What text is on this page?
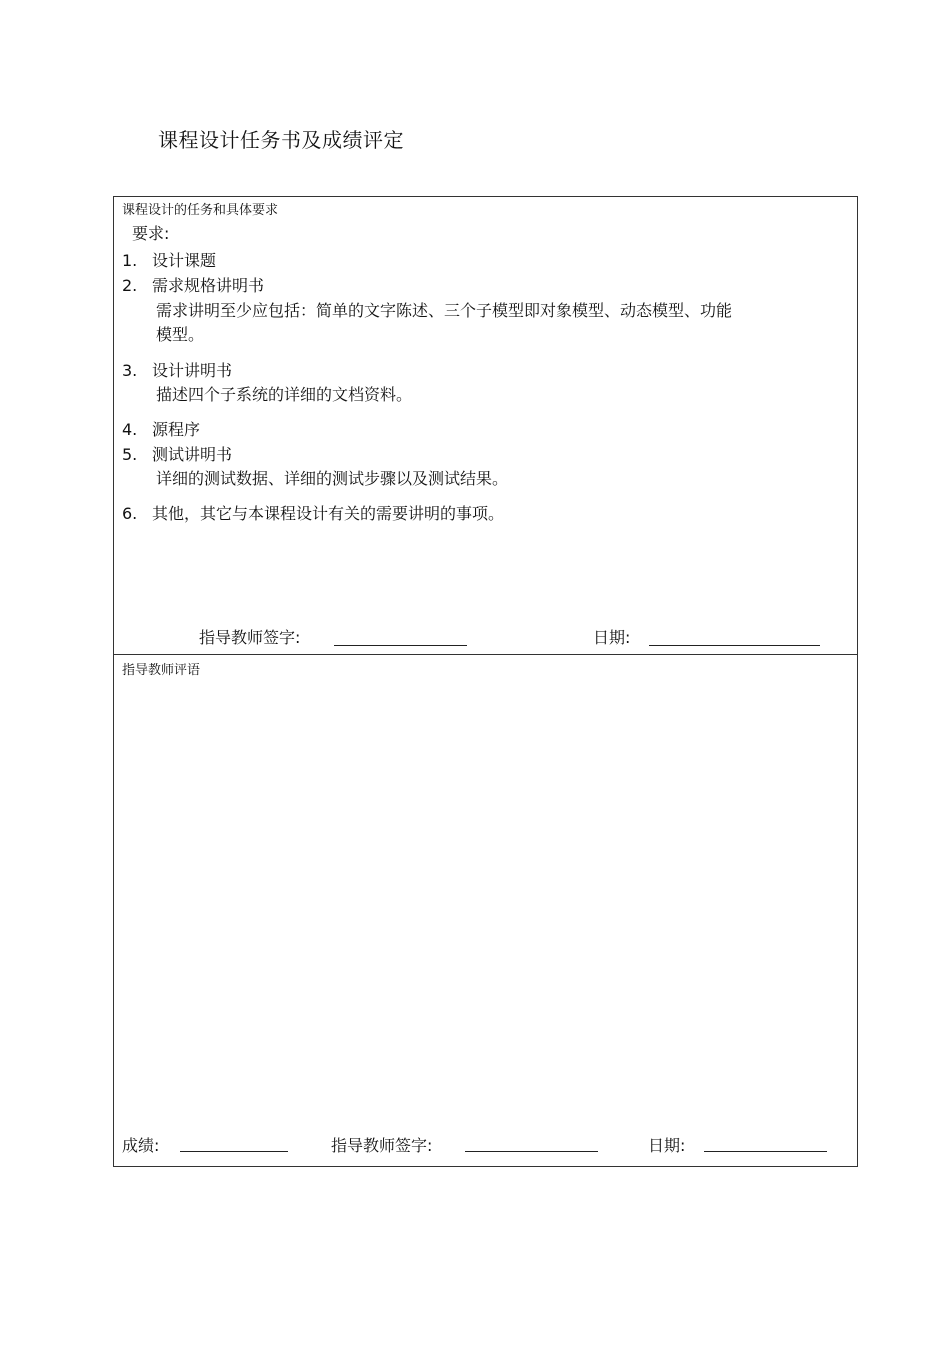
课程设计任务书及成绩评定
课程设计的任务和具体要求
要求:
1. 设计课题
2. 需求规格讲明书
需求讲明至少应包括：简单的文字陈述、三个子模型即对象模型、动态模型、功能
模型。
3. 设计讲明书
描述四个子系统的详细的文档资料。
4. 源程序
5. 测试讲明书
详细的测试数据、详细的测试步骤以及测试结果。
6. 其他，其它与本课程设计有关的需要讲明的事项。
指导教师签字:	日期:
指导教师评语
成绩:	指导教师签字:	日期:
